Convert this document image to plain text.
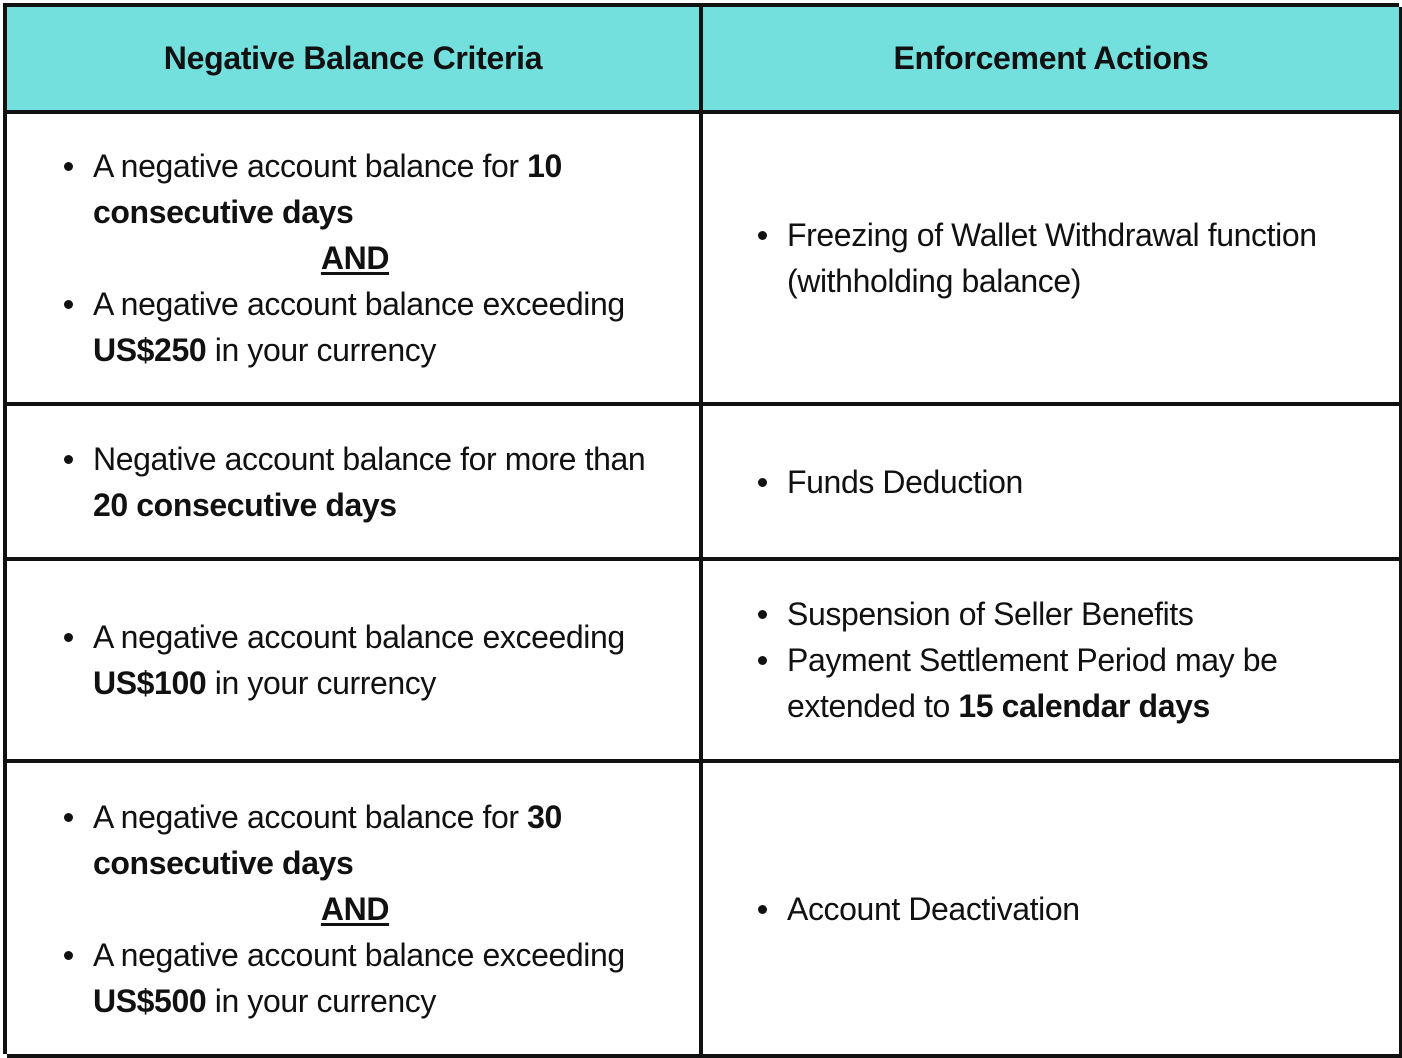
Negative Balance Criteria	Enforcement Actions
A negative account balance for 10 consecutive days
AND
A negative account balance exceeding US$250 in your currency
Freezing of Wallet Withdrawal function (withholding balance)
Negative account balance for more than 20 consecutive days
Funds Deduction
A negative account balance exceeding US$100 in your currency
Suspension of Seller Benefits
Payment Settlement Period may be extended to 15 calendar days
A negative account balance for 30 consecutive days
AND
A negative account balance exceeding US$500 in your currency
Account Deactivation
